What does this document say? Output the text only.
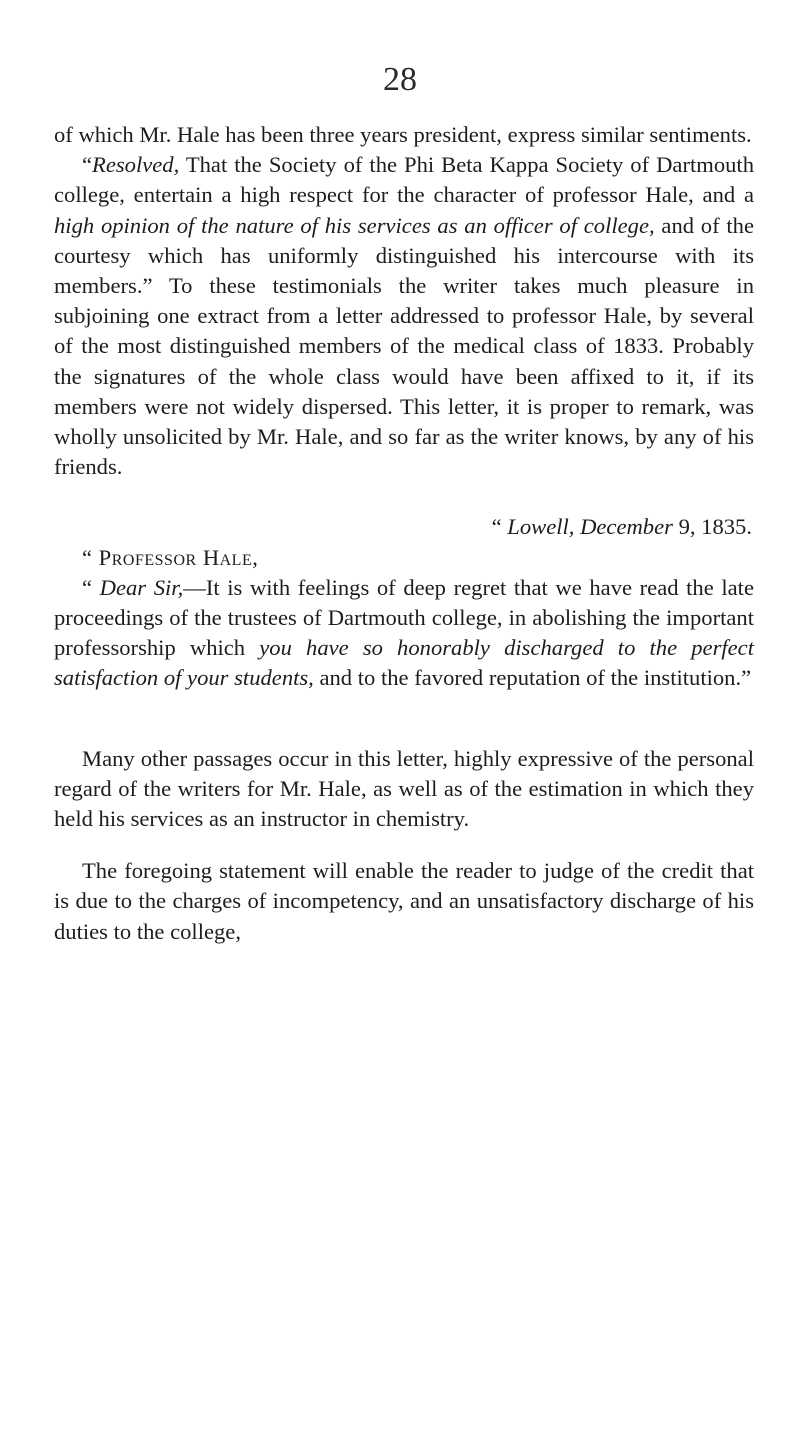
28

of which Mr. Hale has been three years president, express similar sentiments.

“Resolved, That the Society of the Phi Beta Kappa Society of Dartmouth college, entertain a high respect for the character of professor Hale, and a high opinion of the nature of his services as an officer of college, and of the courtesy which has uniformly distinguished his intercourse with its members.” To these testimonials the writer takes much pleasure in subjoining one extract from a letter addressed to professor Hale, by several of the most distinguished members of the medical class of 1833. Probably the signatures of the whole class would have been affixed to it, if its members were not widely dispersed. This letter, it is proper to remark, was wholly unsolicited by Mr. Hale, and so far as the writer knows, by any of his friends.

“ Lowell, December 9, 1835.

“ Professor Hale,

“ Dear Sir,—It is with feelings of deep regret that we have read the late proceedings of the trustees of Dartmouth college, in abolishing the important professorship which you have so honorably discharged to the perfect satisfaction of your students, and to the favored reputation of the institution.”

Many other passages occur in this letter, highly expressive of the personal regard of the writers for Mr. Hale, as well as of the estimation in which they held his services as an instructor in chemistry.

The foregoing statement will enable the reader to judge of the credit that is due to the charges of incompetency, and an unsatisfactory discharge of his duties to the college,
